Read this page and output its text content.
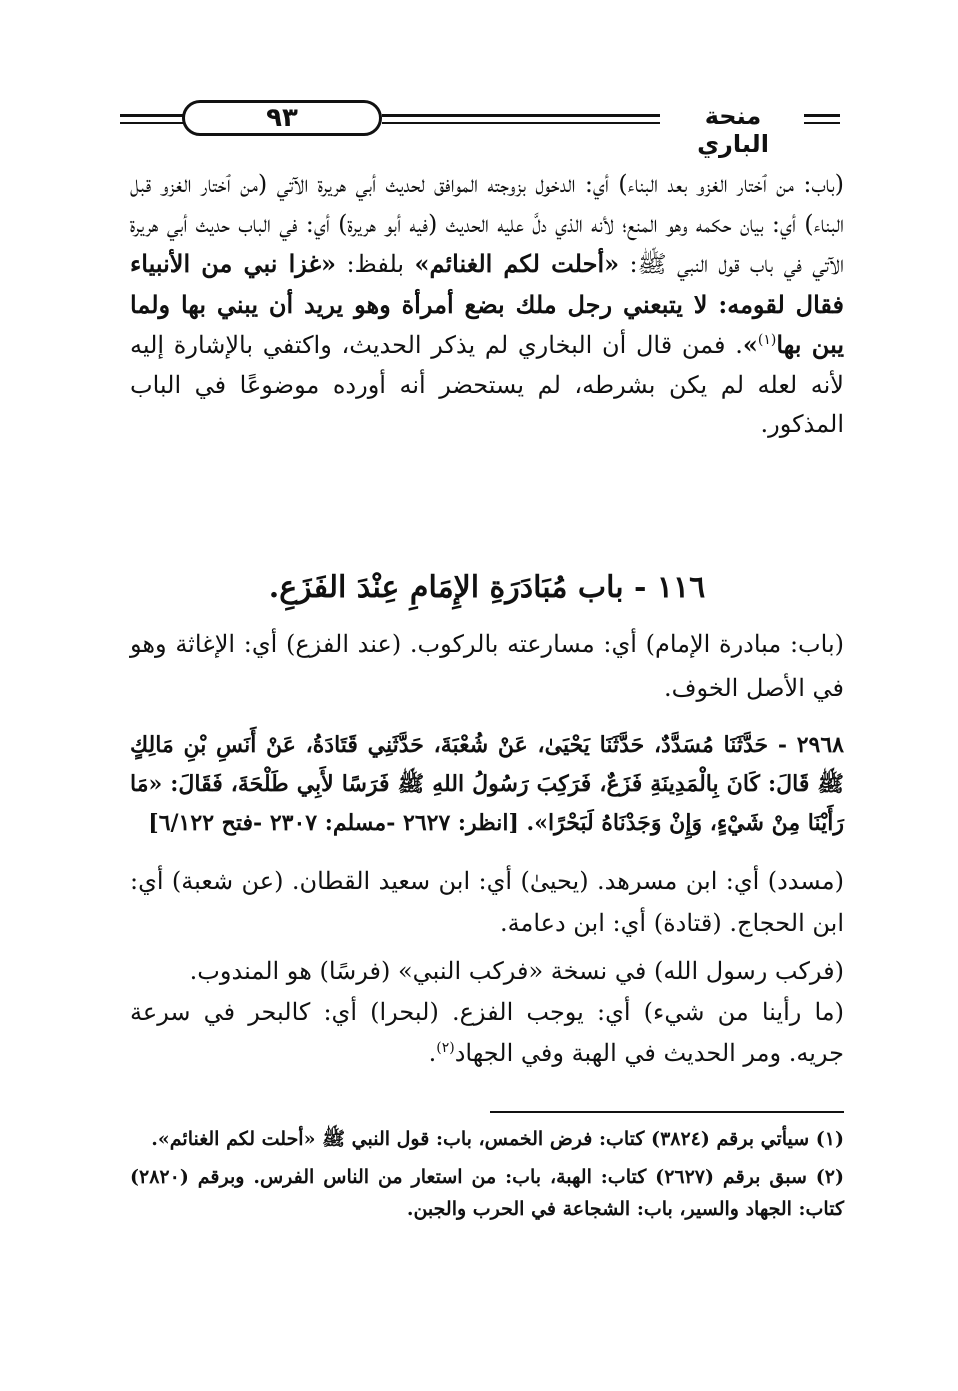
٩٣	منحة الباري

(باب: من ٱختار الغزو بعد البناء) أي: الدخول بزوجته الموافق لحديث أبي هريرة الآتي (من ٱختار الغزو قبل البناء) أي: بيان حكمه وهو المنع؛ لأنه الذي دلَّ عليه الحديث (فيه أبو هريرة) أي: في الباب حديث أبي هريرة الآتي في باب قول النبي ﷺ: «أحلت لكم الغنائم» بلفظ: «غزا نبي من الأنبياء فقال لقومه: لا يتبعني رجل ملك بضع أمرأة وهو يريد أن يبني بها ولما يبن بها$^{(١)}$». فمن قال أن البخاري لم يذكر الحديث، واكتفي بالإشارة إليه لأنه لعله لم يكن بشرطه، لم يستحضر أنه أورده موضوعًا في الباب المذكور.

١١٦ - باب مُبَادَرَةِ الإِمَامِ عِنْدَ الفَزَعِ.

(باب: مبادرة الإمام) أي: مسارعته بالركوب. (عند الفزع) أي: الإغاثة وهو في الأصل الخوف.

٢٩٦٨ - حَدَّثَنَا مُسَدَّدٌ، حَدَّثَنَا يَحْيَىٰ، عَنْ شُعْبَةَ، حَدَّثَنِي قَتَادَةُ، عَنْ أَنَسِ بْنِ مَالِكٍ ﷺ قَالَ: كَانَ بِالْمَدِينَةِ فَزَعٌ، فَرَكِبَ رَسُولُ اللهِ ﷺ فَرَسًا لأَبِي طَلْحَةَ، فَقَالَ: «مَا رَأَيْنَا مِنْ شَيْءٍ، وَإِنْ وَجَدْنَاهُ لَبَحْرًا». [انظر: ٢٦٢٧ -مسلم: ٢٣٠٧ -فتح ٦/١٢٢]

(مسدد) أي: ابن مسرهد. (يحيىٰ) أي: ابن سعيد القطان. (عن شعبة) أي: ابن الحجاج. (قتادة) أي: ابن دعامة.

(فركب رسول الله) في نسخة «فركب النبي» (فرسًا) هو المندوب.

(ما رأينا من شيء) أي: يوجب الفزع. (لبحرا) أي: كالبحر في سرعة جريه. ومر الحديث في الهبة وفي الجهاد$^{(٢)}$.

(١) سيأتي برقم (٣٨٢٤) كتاب: فرض الخمس، باب: قول النبي ﷺ «أحلت لكم الغنائم».

(٢) سبق برقم (٢٦٢٧) كتاب: الهبة، باب: من استعار من الناس الفرس. وبرقم (٢٨٢٠) كتاب: الجهاد والسير، باب: الشجاعة في الحرب والجبن.
